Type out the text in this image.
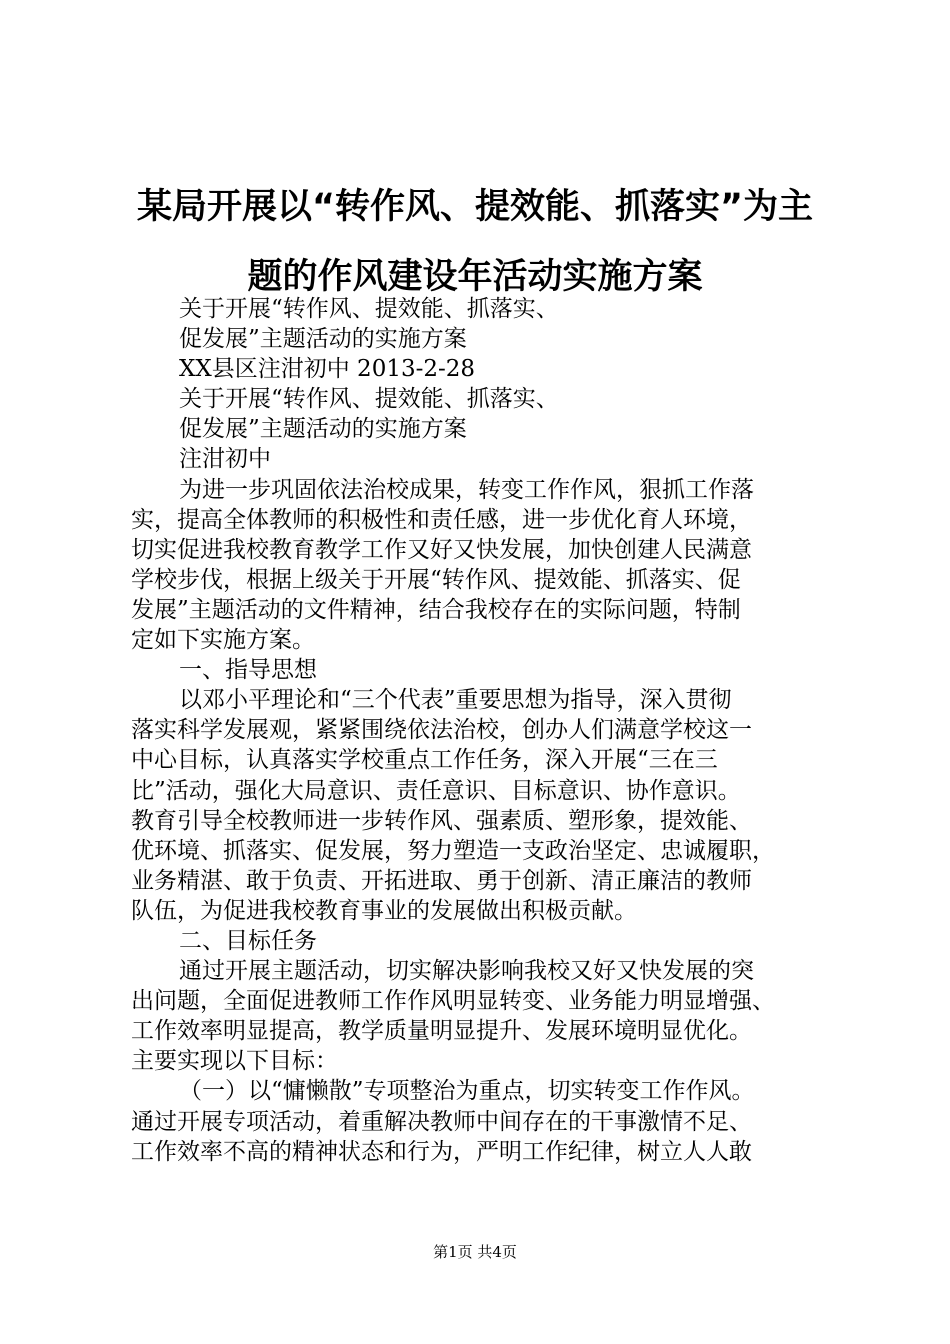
某局开展以“转作风、提效能、抓落实”为主
题的作风建设年活动实施方案
关于开展“转作风、提效能、抓落实、
促发展”主题活动的实施方案
XX县区注泔初中 2013-2-28
关于开展“转作风、提效能、抓落实、
促发展”主题活动的实施方案
注泔初中
为进一步巩固依法治校成果，转变工作作风，狠抓工作落
实，提高全体教师的积极性和责任感，进一步优化育人环境，
切实促进我校教育教学工作又好又快发展，加快创建人民满意
学校步伐，根据上级关于开展“转作风、提效能、抓落实、促
发展”主题活动的文件精神，结合我校存在的实际问题，特制
定如下实施方案。
一、指导思想
以邓小平理论和“三个代表”重要思想为指导，深入贯彻
落实科学发展观，紧紧围绕依法治校，创办人们满意学校这一
中心目标，认真落实学校重点工作任务，深入开展“三在三
比”活动，强化大局意识、责任意识、目标意识、协作意识。
教育引导全校教师进一步转作风、强素质、塑形象，提效能、
优环境、抓落实、促发展，努力塑造一支政治坚定、忠诚履职，
业务精湛、敢于负责、开拓进取、勇于创新、清正廉洁的教师
队伍，为促进我校教育事业的发展做出积极贡献。
二、目标任务
通过开展主题活动，切实解决影响我校又好又快发展的突
出问题，全面促进教师工作作风明显转变、业务能力明显增强、
工作效率明显提高，教学质量明显提升、发展环境明显优化。
主要实现以下目标：
（一）以“慵懒散”专项整治为重点，切实转变工作作风。
通过开展专项活动，着重解决教师中间存在的干事激情不足、
工作效率不高的精神状态和行为，严明工作纪律，树立人人敢
第1页 共4页
